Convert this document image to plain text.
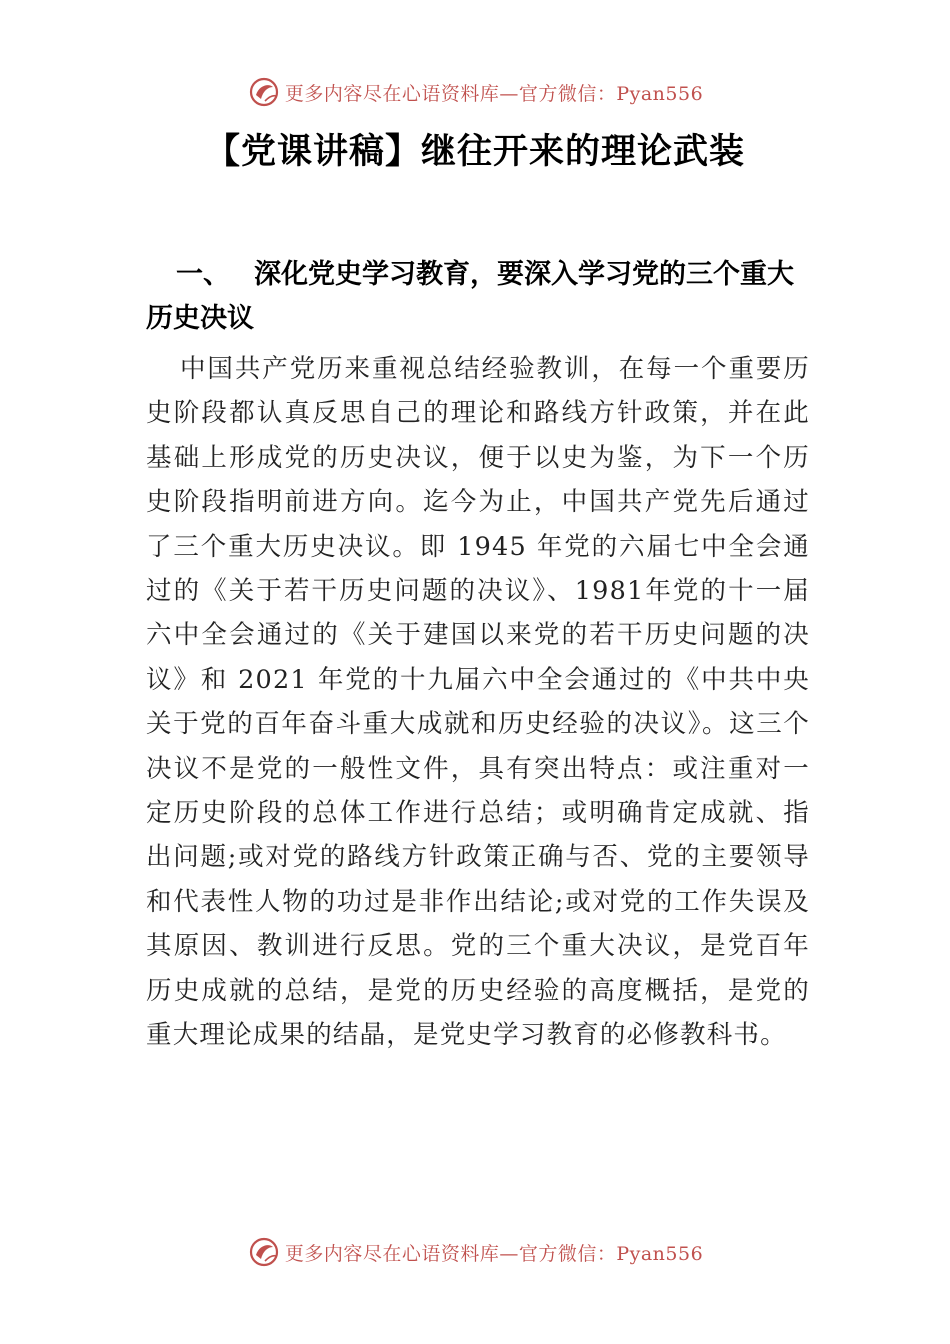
更多内容尽在心语资料库—官方微信：Pyan556
【党课讲稿】继往开来的理论武装
一、 深化党史学习教育，要深入学习党的三个重大历史决议

中国共产党历来重视总结经验教训，在每一个重要历史阶段都认真反思自己的理论和路线方针政策，并在此基础上形成党的历史决议，便于以史为鉴，为下一个历史阶段指明前进方向。迄今为止，中国共产党先后通过了三个重大历史决议。即 1945 年党的六届七中全会通过的《关于若干历史问题的决议》、1981年党的十一届六中全会通过的《关于建国以来党的若干历史问题的决议》和 2021 年党的十九届六中全会通过的《中共中央关于党的百年奋斗重大成就和历史经验的决议》。这三个决议不是党的一般性文件，具有突出特点：或注重对一定历史阶段的总体工作进行总结；或明确肯定成就、指出问题;或对党的路线方针政策正确与否、党的主要领导和代表性人物的功过是非作出结论;或对党的工作失误及其原因、教训进行反思。党的三个重大决议，是党百年历史成就的总结，是党的历史经验的高度概括，是党的重大理论成果的结晶，是党史学习教育的必修教科书。

更多内容尽在心语资料库—官方微信：Pyan556
